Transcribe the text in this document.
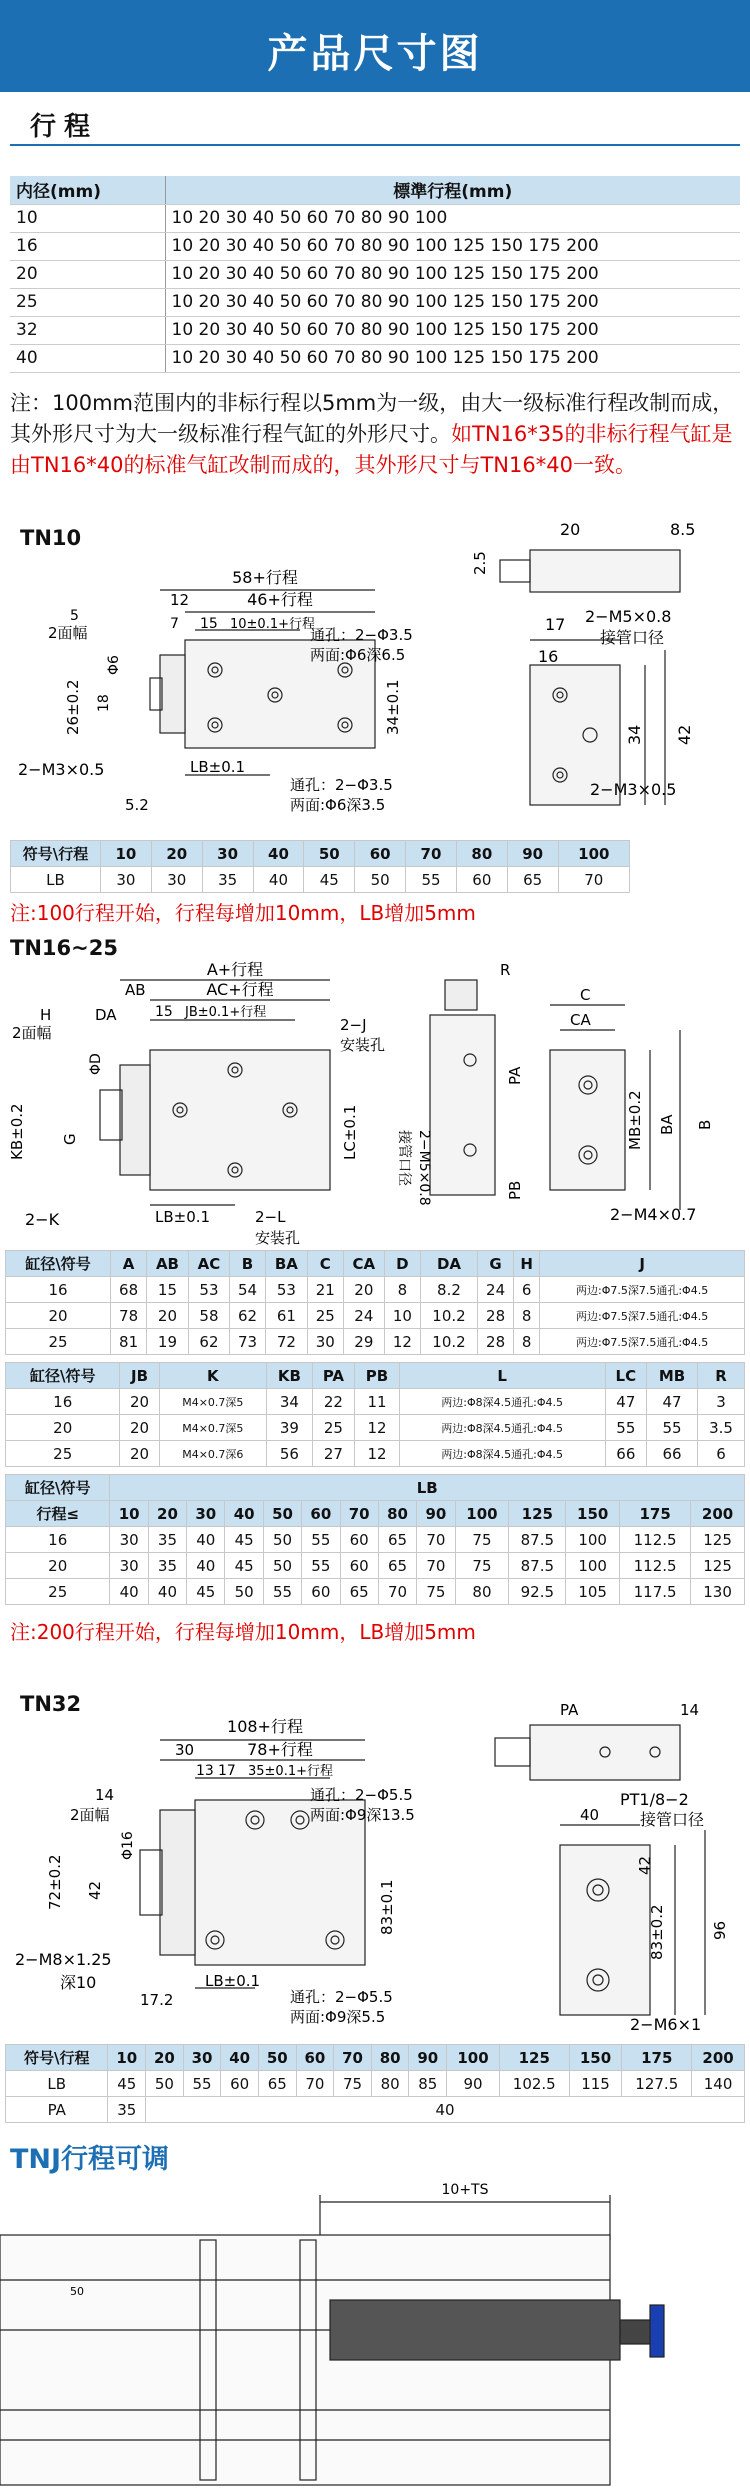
产品尺寸图
行程
内径(mm)	標準行程(mm)
10	10 20 30 40 50 60 70 80 90 100
16	10 20 30 40 50 60 70 80 90 100 125 150 175 200
20	10 20 30 40 50 60 70 80 90 100 125 150 175 200
25	10 20 30 40 50 60 70 80 90 100 125 150 175 200
32	10 20 30 40 50 60 70 80 90 100 125 150 175 200
40	10 20 30 40 50 60 70 80 90 100 125 150 175 200
注：100mm范围内的非标行程以5mm为一级，由大一级标准行程改制而成，其外形尺寸为大一级标准行程气缸的外形尺寸。如TN16*35的非标行程气缸是由TN16*40的标准气缸改制而成的，其外形尺寸与TN16*40一致。
TN10
58+行程
46+行程
12
15 10±0.1+行程
7
5
2面幅
Φ6
18
26±0.2	34±0.1
2−M3×0.5
5.2
LB±0.1
通孔：2−Φ3.5
两面:Φ6深6.5
通孔：2−Φ3.5
两面:Φ6深3.5
20	8.5
2.5
2−M5×0.8
接管口径
17
16
34 42
2−M3×0.5
符号\行程	10	20	30	40	50	60	70	80	90	100
LB	30	30	35	40	45	50	55	60	65	70
注:100行程开始，行程每增加10mm，LB增加5mm
TN16~25
A+行程
AB	AC+行程
15 JB±0.1+行程
H	DA
2面幅
ΦD
G
KB±0.2
2−K	LB±0.1	2−L
安装孔
2−J
安装孔
LC±0.1
R
PA
PB
2−M5×0.8
接管口径
C
CA
MB±0.2 BA B
2−M4×0.7
缸径\符号	A	AB	AC	B	BA	C	CA	D	DA	G	H	J
16	68	15	53	54	53	21	20	8	8.2	24	6	两边:Φ7.5深7.5通孔:Φ4.5
20	78	20	58	62	61	25	24	10	10.2	28	8	两边:Φ7.5深7.5通孔:Φ4.5
25	81	19	62	73	72	30	29	12	10.2	28	8	两边:Φ7.5深7.5通孔:Φ4.5
缸径\符号	JB	K	KB	PA	PB	L	LC	MB	R
16	20	M4×0.7深5	34	22	11	两边:Φ8深4.5通孔:Φ4.5	47	47	3
20	20	M4×0.7深5	39	25	12	两边:Φ8深4.5通孔:Φ4.5	55	55	3.5
25	20	M4×0.7深6	56	27	12	两边:Φ8深4.5通孔:Φ4.5	66	66	6
缸径\符号	LB													
行程≤	10	20	30	40	50	60	70	80	90	100	125	150	175	200
16	30	35	40	45	50	55	60	65	70	75	87.5	100	112.5	125
20	30	35	40	45	50	55	60	65	70	75	87.5	100	112.5	125
25	40	40	45	50	55	60	65	70	75	80	92.5	105	117.5	130
注:200行程开始，行程每增加10mm，LB增加5mm
TN32
108+行程
30	78+行程
13 17 35±0.1+行程
14
2面幅
Φ16
42
72±0.2
2−M8×1.25
深10	LB±0.1
17.2
通孔：2−Φ5.5
两面:Φ9深13.5
83±0.1
通孔：2−Φ5.5
两面:Φ9深5.5
PA	14
PT1/8−2
接管口径
40
42
83±0.2	96
2−M6×1
符号\行程	10	20	30	40	50	60	70	80	90	100	125	150	175	200
LB	45	50	55	60	65	70	75	80	85	90	102.5	115	127.5	140
PA	35	40												
TNJ行程可调
10+TS
50
